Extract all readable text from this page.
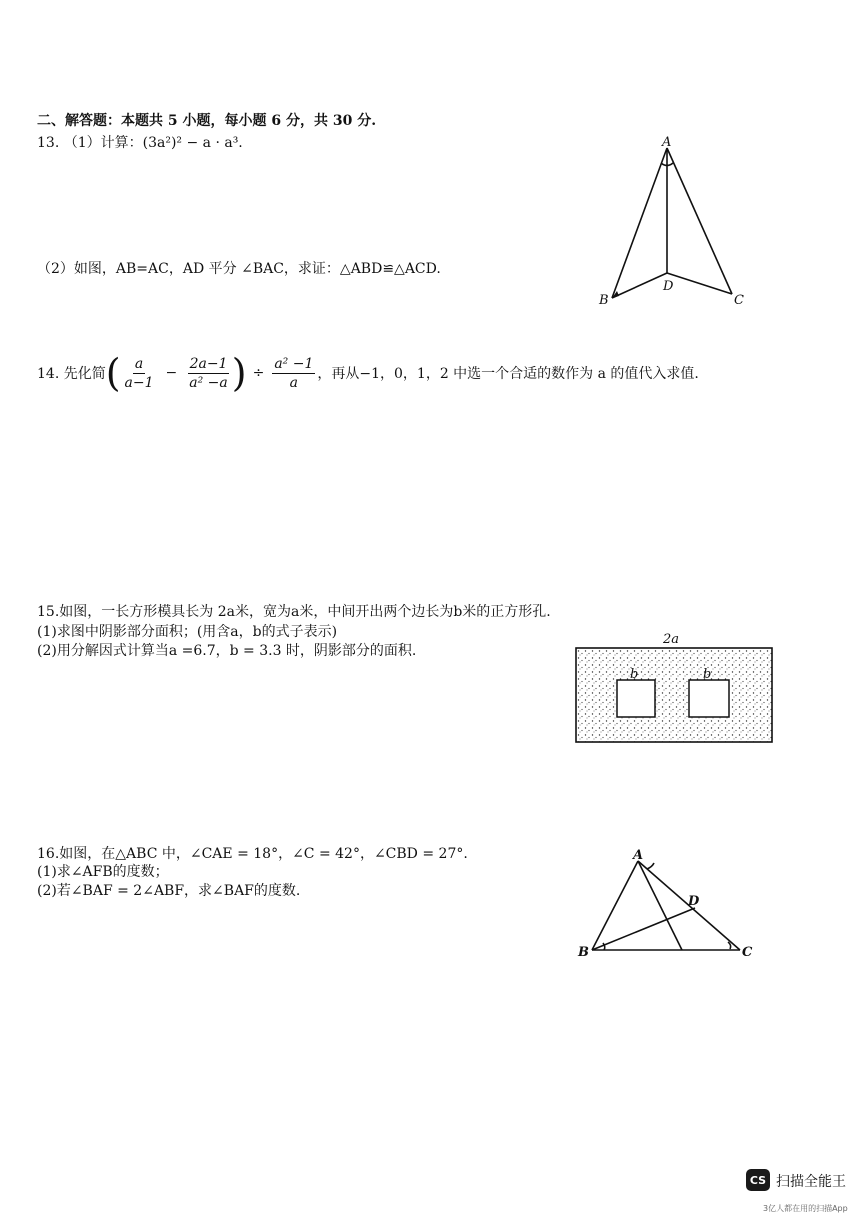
二、解答题：本题共 5 小题，每小题 6 分，共 30 分.
13. （1）计算：(3a²)² − a · a³.
（2）如图，AB=AC，AD 平分 ∠BAC，求证：△ABD≌△ACD.
A
B	C
D
14. 先化简 ( $\frac{a}{a-1} - \frac{2a-1}{\text{a² −a}}$ ) ÷ $\frac{\text{a² −1}}{a}$ ，再从−1，0，1，2 中选一个合适的数作为 a 的值代入求值.
15.如图，一长方形模具长为 2a米，宽为a米，中间开出两个边长为b米的正方形孔.
(1)求图中阴影部分面积；(用含a，b的式子表示)
(2)用分解因式计算当a =6.7，b = 3.3 时，阴影部分的面积.
2a
b	b
16.如图，在△ABC 中，∠CAE = 18°，∠C = 42°，∠CBD = 27°.
(1)求∠AFB的度数；
(2)若∠BAF = 2∠ABF，求∠BAF的度数.
A
B	C
D
CS 扫描全能王
3亿人都在用的扫描App
